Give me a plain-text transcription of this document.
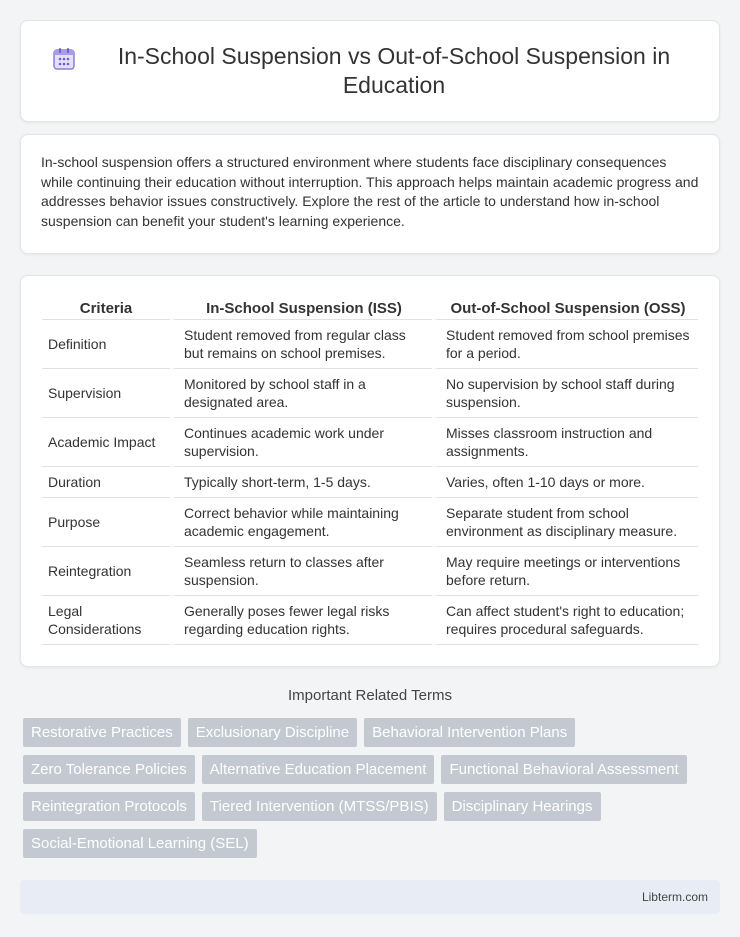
In-School Suspension vs Out-of-School Suspension in Education

In-school suspension offers a structured environment where students face disciplinary consequences while continuing their education without interruption. This approach helps maintain academic progress and addresses behavior issues constructively. Explore the rest of the article to understand how in-school suspension can benefit your student's learning experience.

Criteria	In-School Suspension (ISS)	Out-of-School Suspension (OSS)
Definition	Student removed from regular class but remains on school premises.	Student removed from school premises for a period.
Supervision	Monitored by school staff in a designated area.	No supervision by school staff during suspension.
Academic Impact	Continues academic work under supervision.	Misses classroom instruction and assignments.
Duration	Typically short-term, 1-5 days.	Varies, often 1-10 days or more.
Purpose	Correct behavior while maintaining academic engagement.	Separate student from school environment as disciplinary measure.
Reintegration	Seamless return to classes after suspension.	May require meetings or interventions before return.
Legal Considerations	Generally poses fewer legal risks regarding education rights.	Can affect student's right to education; requires procedural safeguards.
Important Related Terms
Restorative Practices	Exclusionary Discipline	Behavioral Intervention Plans
Zero Tolerance Policies	Alternative Education Placement	Functional Behavioral Assessment
Reintegration Protocols	Tiered Intervention (MTSS/PBIS)	Disciplinary Hearings
Social-Emotional Learning (SEL)
Libterm.com
